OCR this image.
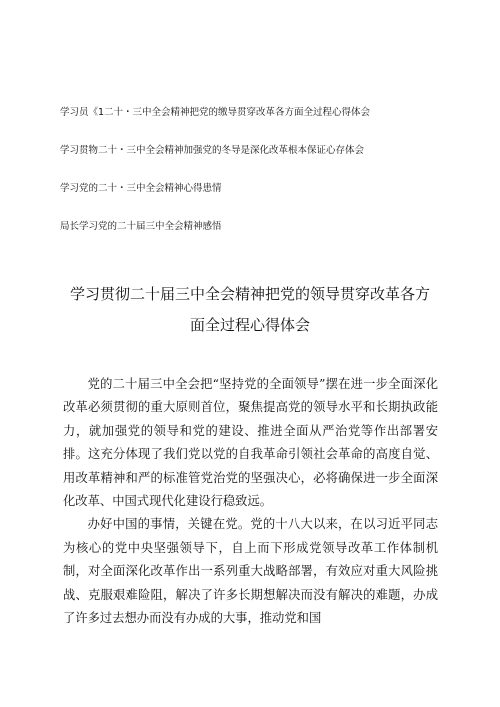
学习员《1二十・三中全会精神把党的缴导贯穿改革各方面全过程心得体会
学习贯物二十・三中全会精神加强党的冬导是深化改革根本保证心存体会
学习党的二十・三中全会精神心得患情
局长学习党的二十届三中全会精神感悟
学习贯彻二十届三中全会精神把党的领导贯穿改革各方
面全过程心得体会

党的二十届三中全会把“坚持党的全面领导”摆在进一步全面深化改革必须贯彻的重大原则首位，聚焦提高党的领导水平和长期执政能力，就加强党的领导和党的建设、推进全面从严治党等作出部署安排。这充分体现了我们党以党的自我革命引领社会革命的高度自觉、用改革精神和严的标准管党治党的坚强决心，必将确保进一步全面深化改革、中国式现代化建设行稳致远。

办好中国的事情，关键在党。党的十八大以来，在以习近平同志为核心的党中央坚强领导下，自上而下形成党领导改革工作体制机制，对全面深化改革作出一系列重大战略部署，有效应对重大风险挑战、克服艰难险阻，解决了许多长期想解决而没有解决的难题，办成了许多过去想办而没有办成的大事，推动党和国
